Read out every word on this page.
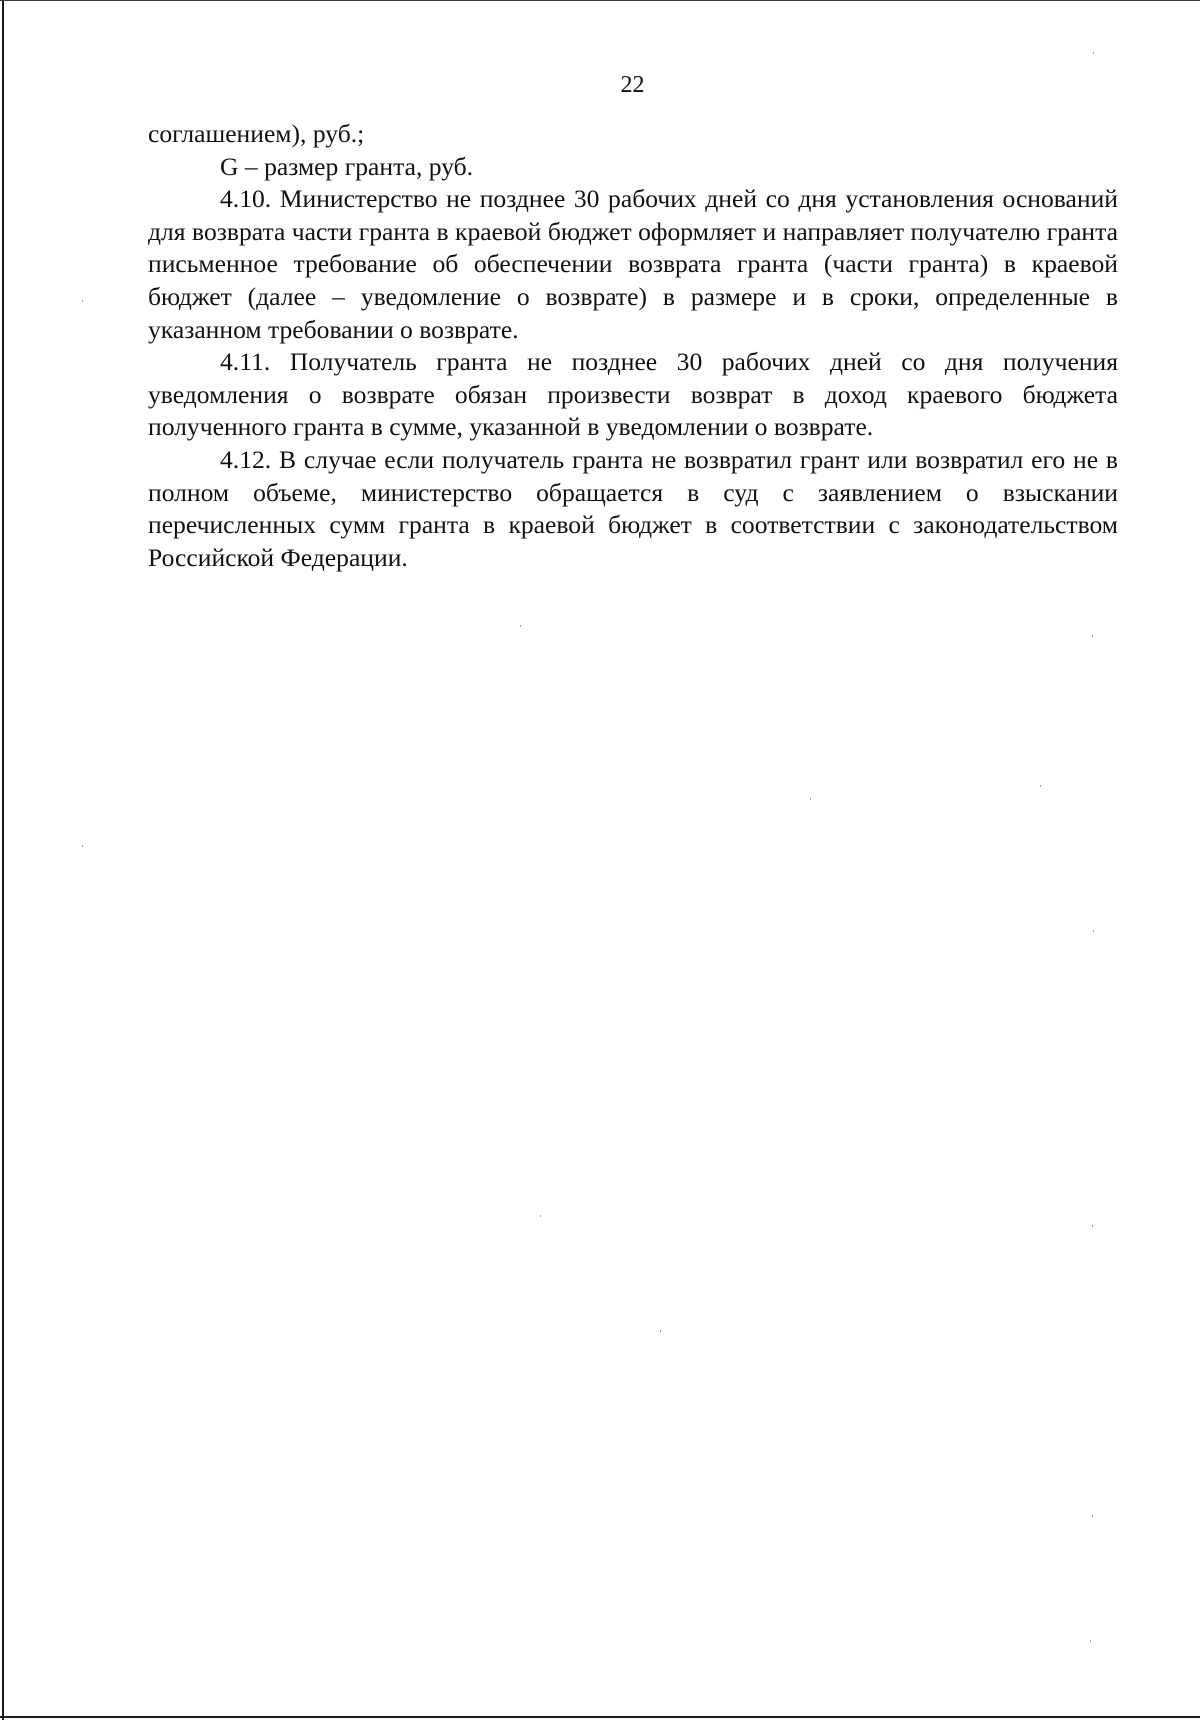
22

соглашением), руб.;

G – размер гранта, руб.

4.10. Министерство не позднее 30 рабочих дней со дня установления оснований для возврата части гранта в краевой бюджет оформляет и направляет получателю гранта письменное требование об обеспечении возврата гранта (части гранта) в краевой бюджет (далее – уведомление о возврате) в размере и в сроки, определенные в указанном требовании о возврате.

4.11. Получатель гранта не позднее 30 рабочих дней со дня получения уведомления о возврате обязан произвести возврат в доход краевого бюджета полученного гранта в сумме, указанной в уведомлении о возврате.

4.12. В случае если получатель гранта не возвратил грант или возвратил его не в полном объеме, министерство обращается в суд с заявлением о взыскании перечисленных сумм гранта в краевой бюджет в соответствии с законодательством Российской Федерации.
